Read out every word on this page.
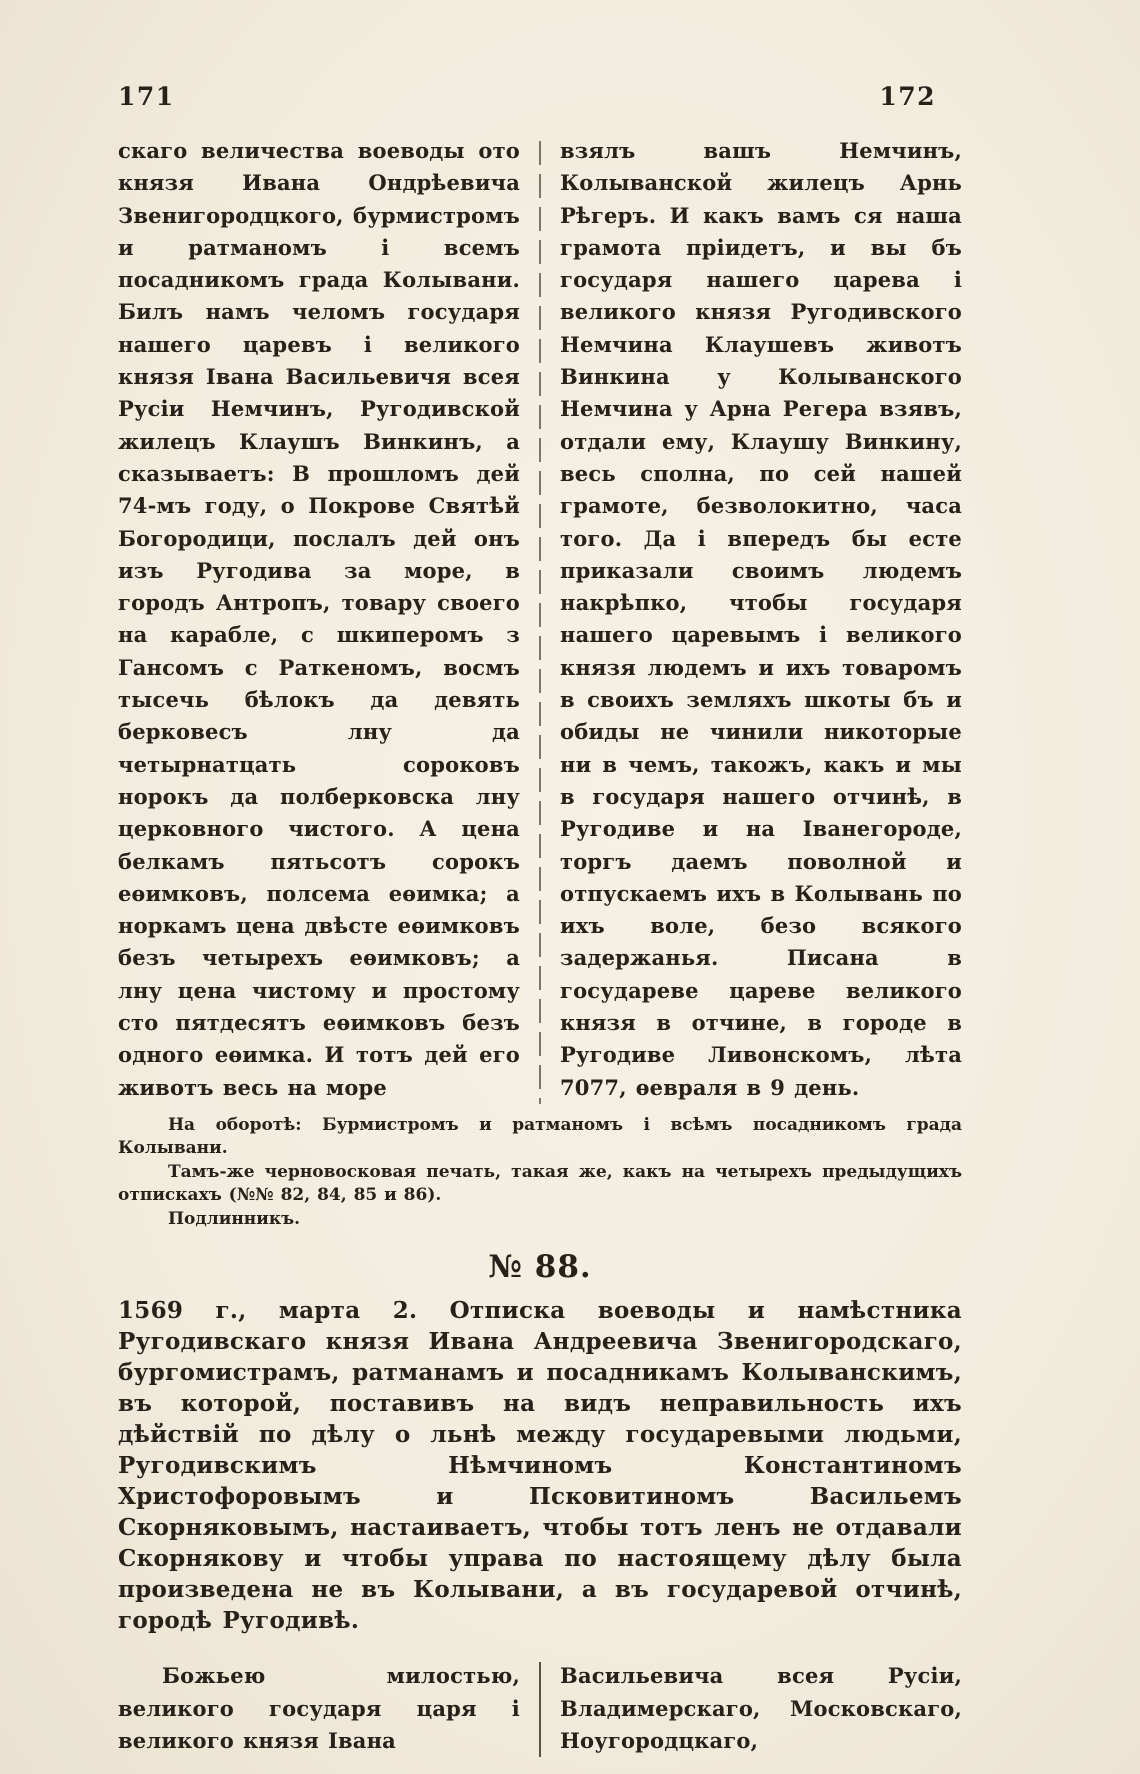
171	172
скаго величества воеводы ото князя Ивана Ондрѣевича Звенигородцкого, бурмистромъ и ратманомъ і всемъ посадникомъ града Колывани. Билъ намъ челомъ государя нашего царевъ і великого князя Івана Васильевичя всея Русіи Немчинъ, Ругодивской жилецъ Клаушъ Винкинъ, а сказываетъ: В прошломъ дей 74-мъ году, о Покрове Святѣй Богородици, послалъ дей онъ изъ Ругодива за море, в городъ Антропъ, товару своего на карабле, с шкиперомъ з Гансомъ с Раткеномъ, восмъ тысечь бѣлокъ да девять берковесъ лну да четырнатцать сороковъ норокъ да полберковска лну церковного чистого. А цена белкамъ пятьсотъ сорокъ еѳимковъ, полсема еѳимка; а норкамъ цена двѣсте еѳимковъ безъ четырехъ еѳимковъ; а лну цена чистому и простому сто пятдесятъ еѳимковъ безъ одного еѳимка. И тотъ дей его животъ весь на море
взялъ вашъ Немчинъ, Колыванской жилецъ Арнь Рѣгеръ. И какъ вамъ ся наша грамота пріидетъ, и вы бъ государя нашего царева і великого князя Ругодивского Немчина Клаушевъ животъ Винкина у Колыванского Немчина у Арна Регера взявъ, отдали ему, Клаушу Винкину, весь сполна, по сей нашей грамоте, безволокитно, часа того. Да і впередъ бы есте приказали своимъ людемъ накрѣпко, чтобы государя нашего царевымъ і великого князя людемъ и ихъ товаромъ в своихъ земляхъ шкоты бъ и обиды не чинили никоторые ни в чемъ, такожъ, какъ и мы в государя нашего отчинѣ, в Ругодиве и на Іванегороде, торгъ даемъ поволной и отпускаемъ ихъ в Колывань по ихъ воле, безо всякого задержанья. Писана в государеве цареве великого князя в отчине, в городе в Ругодиве Ливонскомъ, лѣта 7077, ѳевраля в 9 день.

На оборотѣ: Бурмистромъ и ратманомъ і всѣмъ посадникомъ града Колывани.

Тамъ-же черновосковая печать, такая же, какъ на четырехъ предыдущихъ отпискахъ (№№ 82, 84, 85 и 86).

Подлинникъ.

№ 88.

1569 г., марта 2. Отписка воеводы и намѣстника Ругодивскаго князя Ивана Андреевича Звенигородскаго, бургомистрамъ, ратманамъ и посадникамъ Колыванскимъ, въ которой, поставивъ на видъ неправильность ихъ дѣйствій по дѣлу о льнѣ между государевыми людьми, Ругодивскимъ Нѣмчиномъ Константиномъ Христофоровымъ и Псковитиномъ Васильемъ Скорняковымъ, настаиваетъ, чтобы тотъ ленъ не отдавали Скорнякову и чтобы управа по настоящему дѣлу была произведена не въ Колывани, а въ государевой отчинѣ, городѣ Ругодивѣ.

Божьею милостью, великого государя царя і великого князя Івана
Васильевича всея Русіи, Владимерскаго, Московскаго, Ноугородцкаго,
